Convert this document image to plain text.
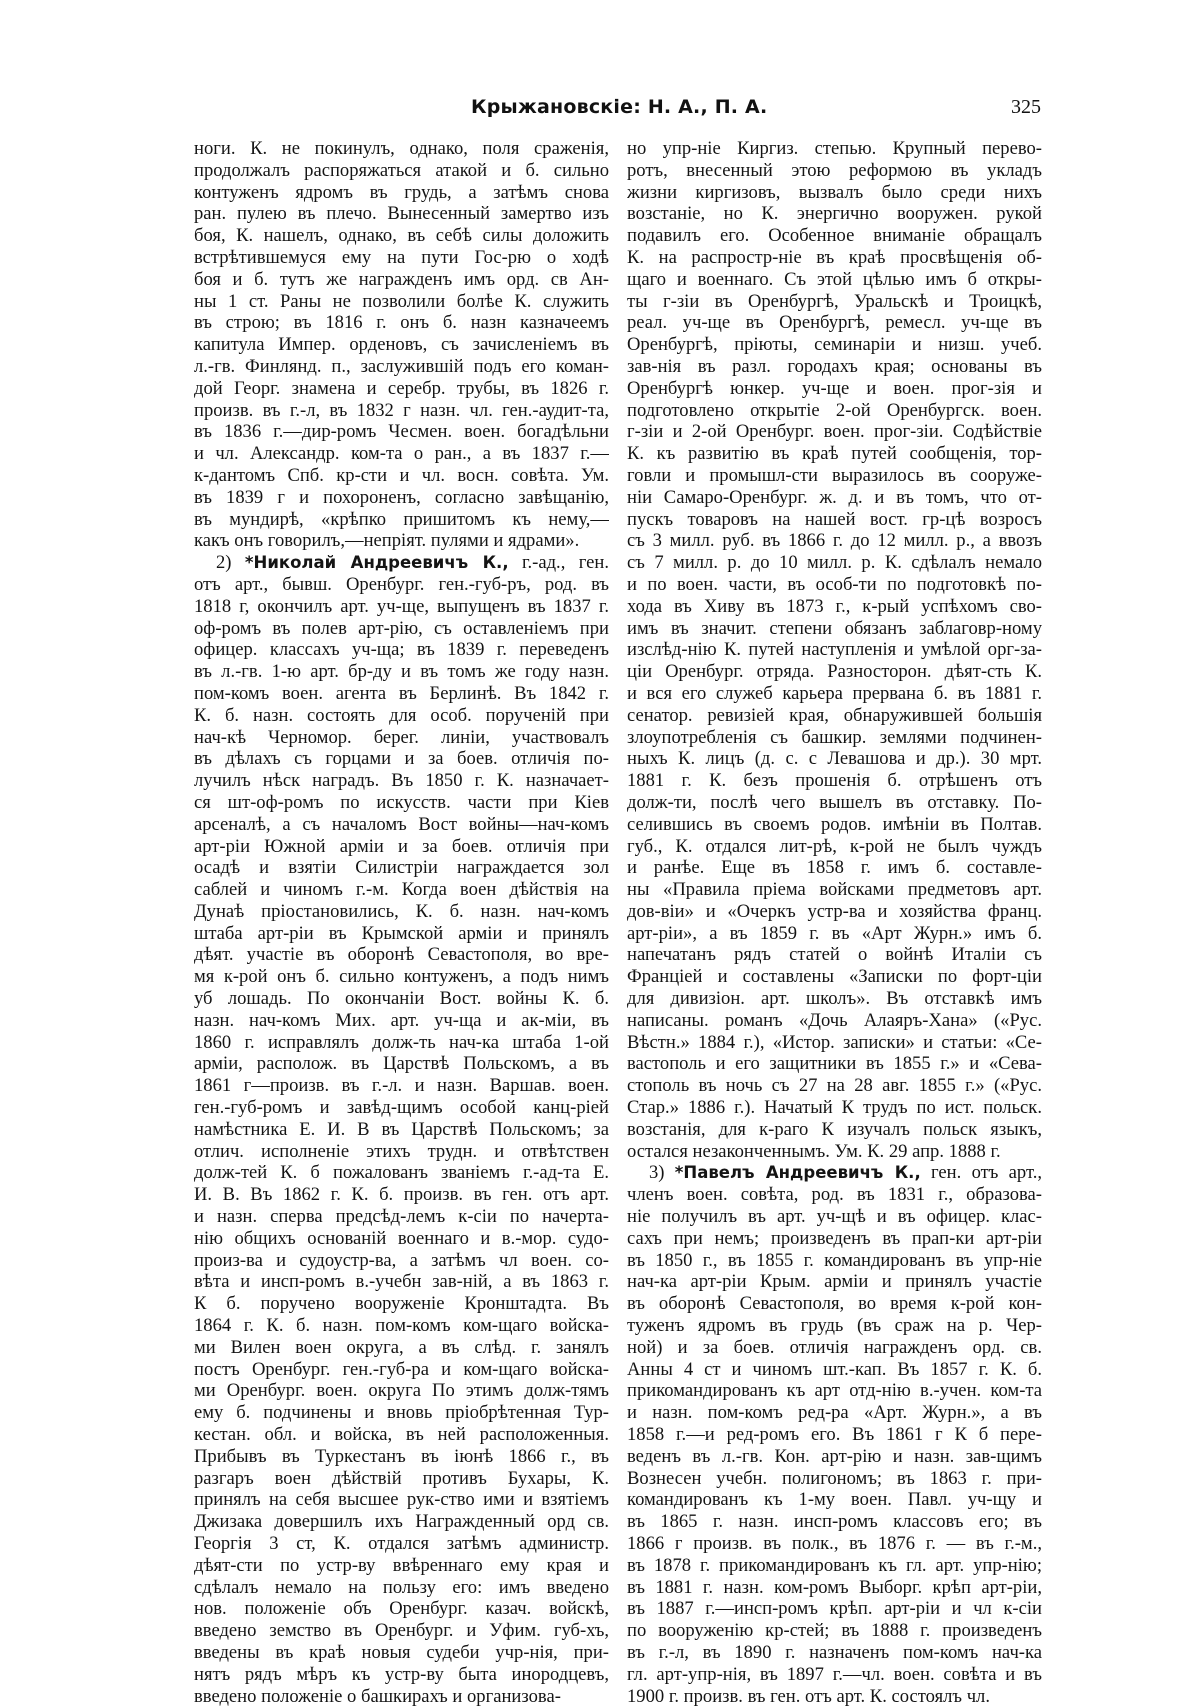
Крыжановскіе: Н. А., П. А.	325
ноги. К. не покинулъ, однако, поля сраженія,
продолжалъ распоряжаться атакой и б. сильно
контуженъ ядромъ въ грудь, а затѣмъ снова
ран. пулею въ плечо. Вынесенный замертво изъ
боя, К. нашелъ, однако, въ себѣ силы доложить
встрѣтившемуся ему на пути Гос-рю о ходѣ
боя и б. тутъ же награжденъ имъ орд. св Ан-
ны 1 ст. Раны не позволили болѣе К. служить
въ строю; въ 1816 г. онъ б. назн казначеемъ
капитула Импер. орденовъ, съ зачисленіемъ въ
л.-гв. Финлянд. п., заслужившій подъ его коман-
дой Георг. знамена и серебр. трубы, въ 1826 г.
произв. въ г.-л, въ 1832 г назн. чл. ген.-аудит-та,
въ 1836 г.—дир-ромъ Чесмен. воен. богадѣльни
и чл. Александр. ком-та о ран., а въ 1837 г.—
к-дантомъ Спб. кр-сти и чл. восн. совѣта. Ум.
въ 1839 г и похороненъ, согласно завѣщанію,
въ мундирѣ, «крѣпко пришитомъ къ нему,—
какъ онъ говорилъ,—непріят. пулями и ядрами».
2) *Николай Андреевичъ К., г.-ад., ген.
отъ арт., бывш. Оренбург. ген.-губ-ръ, род. въ
1818 г, окончилъ арт. уч-ще, выпущенъ въ 1837 г.
оф-ромъ въ полев арт-рію, съ оставленіемъ при
офицер. классахъ уч-ща; въ 1839 г. переведенъ
въ л.-гв. 1-ю арт. бр-ду и въ томъ же году назн.
пом-комъ воен. агента въ Берлинѣ. Въ 1842 г.
К. б. назн. состоять для особ. порученій при
нач-кѣ Черномор. берег. линіи, участвовалъ
въ дѣлахъ съ горцами и за боев. отличія по-
лучилъ нѣск наградъ. Въ 1850 г. К. назначает-
ся шт-оф-ромъ по искусств. части при Кіев
арсеналѣ, а съ началомъ Вост войны—нач-комъ
арт-ріи Южной арміи и за боев. отличія при
осадѣ и взятіи Силистріи награждается зол
саблей и чиномъ г.-м. Когда воен дѣйствія на
Дунаѣ пріостановились, К. б. назн. нач-комъ
штаба арт-ріи въ Крымской арміи и принялъ
дѣят. участіе въ оборонѣ Севастополя, во вре-
мя к-рой онъ б. сильно контуженъ, а подъ нимъ
уб лошадь. По окончаніи Вост. войны К. б.
назн. нач-комъ Мих. арт. уч-ща и ак-міи, въ
1860 г. исправлялъ долж-ть нач-ка штаба 1-ой
арміи, располож. въ Царствѣ Польскомъ, а въ
1861 г—произв. въ г.-л. и назн. Варшав. воен.
ген.-губ-ромъ и завѣд-щимъ особой канц-ріей
намѣстника Е. И. В въ Царствѣ Польскомъ; за
отлич. исполненіе этихъ трудн. и отвѣтствен
долж-тей К. б пожалованъ званіемъ г.-ад-та Е.
И. В. Въ 1862 г. К. б. произв. въ ген. отъ арт.
и назн. сперва предсѣд-лемъ к-сіи по начерта-
нію общихъ основаній военнаго и в.-мор. судо-
произ-ва и судоустр-ва, а затѣмъ чл воен. со-
вѣта и инсп-ромъ в.-учебн зав-ній, а въ 1863 г.
К б. поручено вооруженіе Кронштадта. Въ
1864 г. К. б. назн. пом-комъ ком-щаго войска-
ми Вилен воен округа, а въ слѣд. г. занялъ
постъ Оренбург. ген.-губ-ра и ком-щаго войска-
ми Оренбург. воен. округа По этимъ долж-тямъ
ему б. подчинены и вновь пріобрѣтенная Тур-
кестан. обл. и войска, въ ней расположенныя.
Прибывъ въ Туркестанъ въ іюнѣ 1866 г., въ
разгаръ воен дѣйствій противъ Бухары, К.
принялъ на себя высшее рук-ство ими и взятіемъ
Джизака довершилъ ихъ Награжденный орд св.
Георгія 3 ст, К. отдался затѣмъ администр.
дѣят-сти по устр-ву ввѣреннаго ему края и
сдѣлалъ немало на пользу его: имъ введено
нов. положеніе объ Оренбург. казач. войскѣ,
введено земство въ Оренбург. и Уфим. губ-хъ,
введены въ краѣ новыя судеби учр-нія, при-
нятъ рядъ мѣръ къ устр-ву быта инородцевъ,
введено положеніе о башкирахъ и организова-
но упр-ніе Киргиз. степью. Крупный перево-
ротъ, внесенный этою реформою въ укладъ
жизни киргизовъ, вызвалъ было среди нихъ
возстаніе, но К. энергично вооружен. рукой
подавилъ его. Особенное вниманіе обращалъ
К. на распростр-ніе въ краѣ просвѣщенія об-
щаго и военнаго. Съ этой цѣлью имъ б откры-
ты г-зіи въ Оренбургѣ, Уральскѣ и Троицкѣ,
реал. уч-ще въ Оренбургѣ, ремесл. уч-ще въ
Оренбургѣ, пріюты, семинаріи и низш. учеб.
зав-нія въ разл. городахъ края; основаны въ
Оренбургѣ юнкер. уч-ще и воен. прог-зія и
подготовлено открытіе 2-ой Оренбургск. воен.
г-зіи и 2-ой Оренбург. воен. прог-зіи. Содѣйствіе
К. къ развитію въ краѣ путей сообщенія, тор-
говли и промышл-сти выразилось въ сооруже-
ніи Самаро-Оренбург. ж. д. и въ томъ, что от-
пускъ товаровъ на нашей вост. гр-цѣ возросъ
съ 3 милл. руб. въ 1866 г. до 12 милл. р., а ввозъ
съ 7 милл. р. до 10 милл. р. К. сдѣлалъ немало
и по воен. части, въ особ-ти по подготовкѣ по-
хода въ Хиву въ 1873 г., к-рый успѣхомъ сво-
имъ въ значит. степени обязанъ заблаговр-ному
изслѣд-нію К. путей наступленія и умѣлой орг-за-
ціи Оренбург. отряда. Разносторон. дѣят-сть К.
и вся его служеб карьера прервана б. въ 1881 г.
сенатор. ревизіей края, обнаружившей большія
злоупотребленія съ башкир. землями подчинен-
ныхъ К. лицъ (д. с. с Левашова и др.). 30 мрт.
1881 г. К. безъ прошенія б. отрѣшенъ отъ
долж-ти, послѣ чего вышелъ въ отставку. По-
селившись въ своемъ родов. имѣніи въ Полтав.
губ., К. отдался лит-рѣ, к-рой не былъ чуждъ
и ранѣе. Еще въ 1858 г. имъ б. составле-
ны «Правила пріема войсками предметовъ арт.
дов-віи» и «Очеркъ устр-ва и хозяйства франц.
арт-ріи», а въ 1859 г. въ «Арт Журн.» имъ б.
напечатанъ рядъ статей о войнѣ Италіи съ
Франціей и составлены «Записки по форт-ціи
для дивизіон. арт. школъ». Въ отставкѣ имъ
написаны. романъ «Дочь Алаяръ-Хана» («Рус.
Вѣстн.» 1884 г.), «Истор. записки» и статьи: «Се-
вастополь и его защитники въ 1855 г.» и «Сева-
стополь въ ночь съ 27 на 28 авг. 1855 г.» («Рус.
Стар.» 1886 г.). Начатый К трудъ по ист. польск.
возстанія, для к-раго К изучалъ польск языкъ,
остался незаконченнымъ. Ум. К. 29 апр. 1888 г.
3) *Павелъ Андреевичъ К., ген. отъ арт.,
членъ воен. совѣта, род. въ 1831 г., образова-
ніе получилъ въ арт. уч-щѣ и въ офицер. клас-
сахъ при немъ; произведенъ въ прап-ки арт-ріи
въ 1850 г., въ 1855 г. командированъ въ упр-ніе
нач-ка арт-ріи Крым. арміи и принялъ участіе
въ оборонѣ Севастополя, во время к-рой кон-
туженъ ядромъ въ грудь (въ сраж на р. Чер-
ной) и за боев. отличія награжденъ орд. св.
Анны 4 ст и чиномъ шт.-кап. Въ 1857 г. К. б.
прикомандированъ къ арт отд-нію в.-учен. ком-та
и назн. пом-комъ ред-ра «Арт. Журн.», а въ
1858 г.—и ред-ромъ его. Въ 1861 г К б пере-
веденъ въ л.-гв. Кон. арт-рію и назн. зав-щимъ
Вознесен учебн. полигономъ; въ 1863 г. при-
командированъ къ 1-му воен. Павл. уч-щу и
въ 1865 г. назн. инсп-ромъ классовъ его; въ
1866 г произв. въ полк., въ 1876 г. — въ г.-м.,
въ 1878 г. прикомандированъ къ гл. арт. упр-нію;
въ 1881 г. назн. ком-ромъ Выборг. крѣп арт-ріи,
въ 1887 г.—инсп-ромъ крѣп. арт-ріи и чл к-сіи
по вооруженію кр-стей; въ 1888 г. произведенъ
въ г.-л, въ 1890 г. назначенъ пом-комъ нач-ка
гл. арт-упр-нія, въ 1897 г.—чл. воен. совѣта и въ
1900 г. произв. въ ген. отъ арт. К. состоялъ чл.
